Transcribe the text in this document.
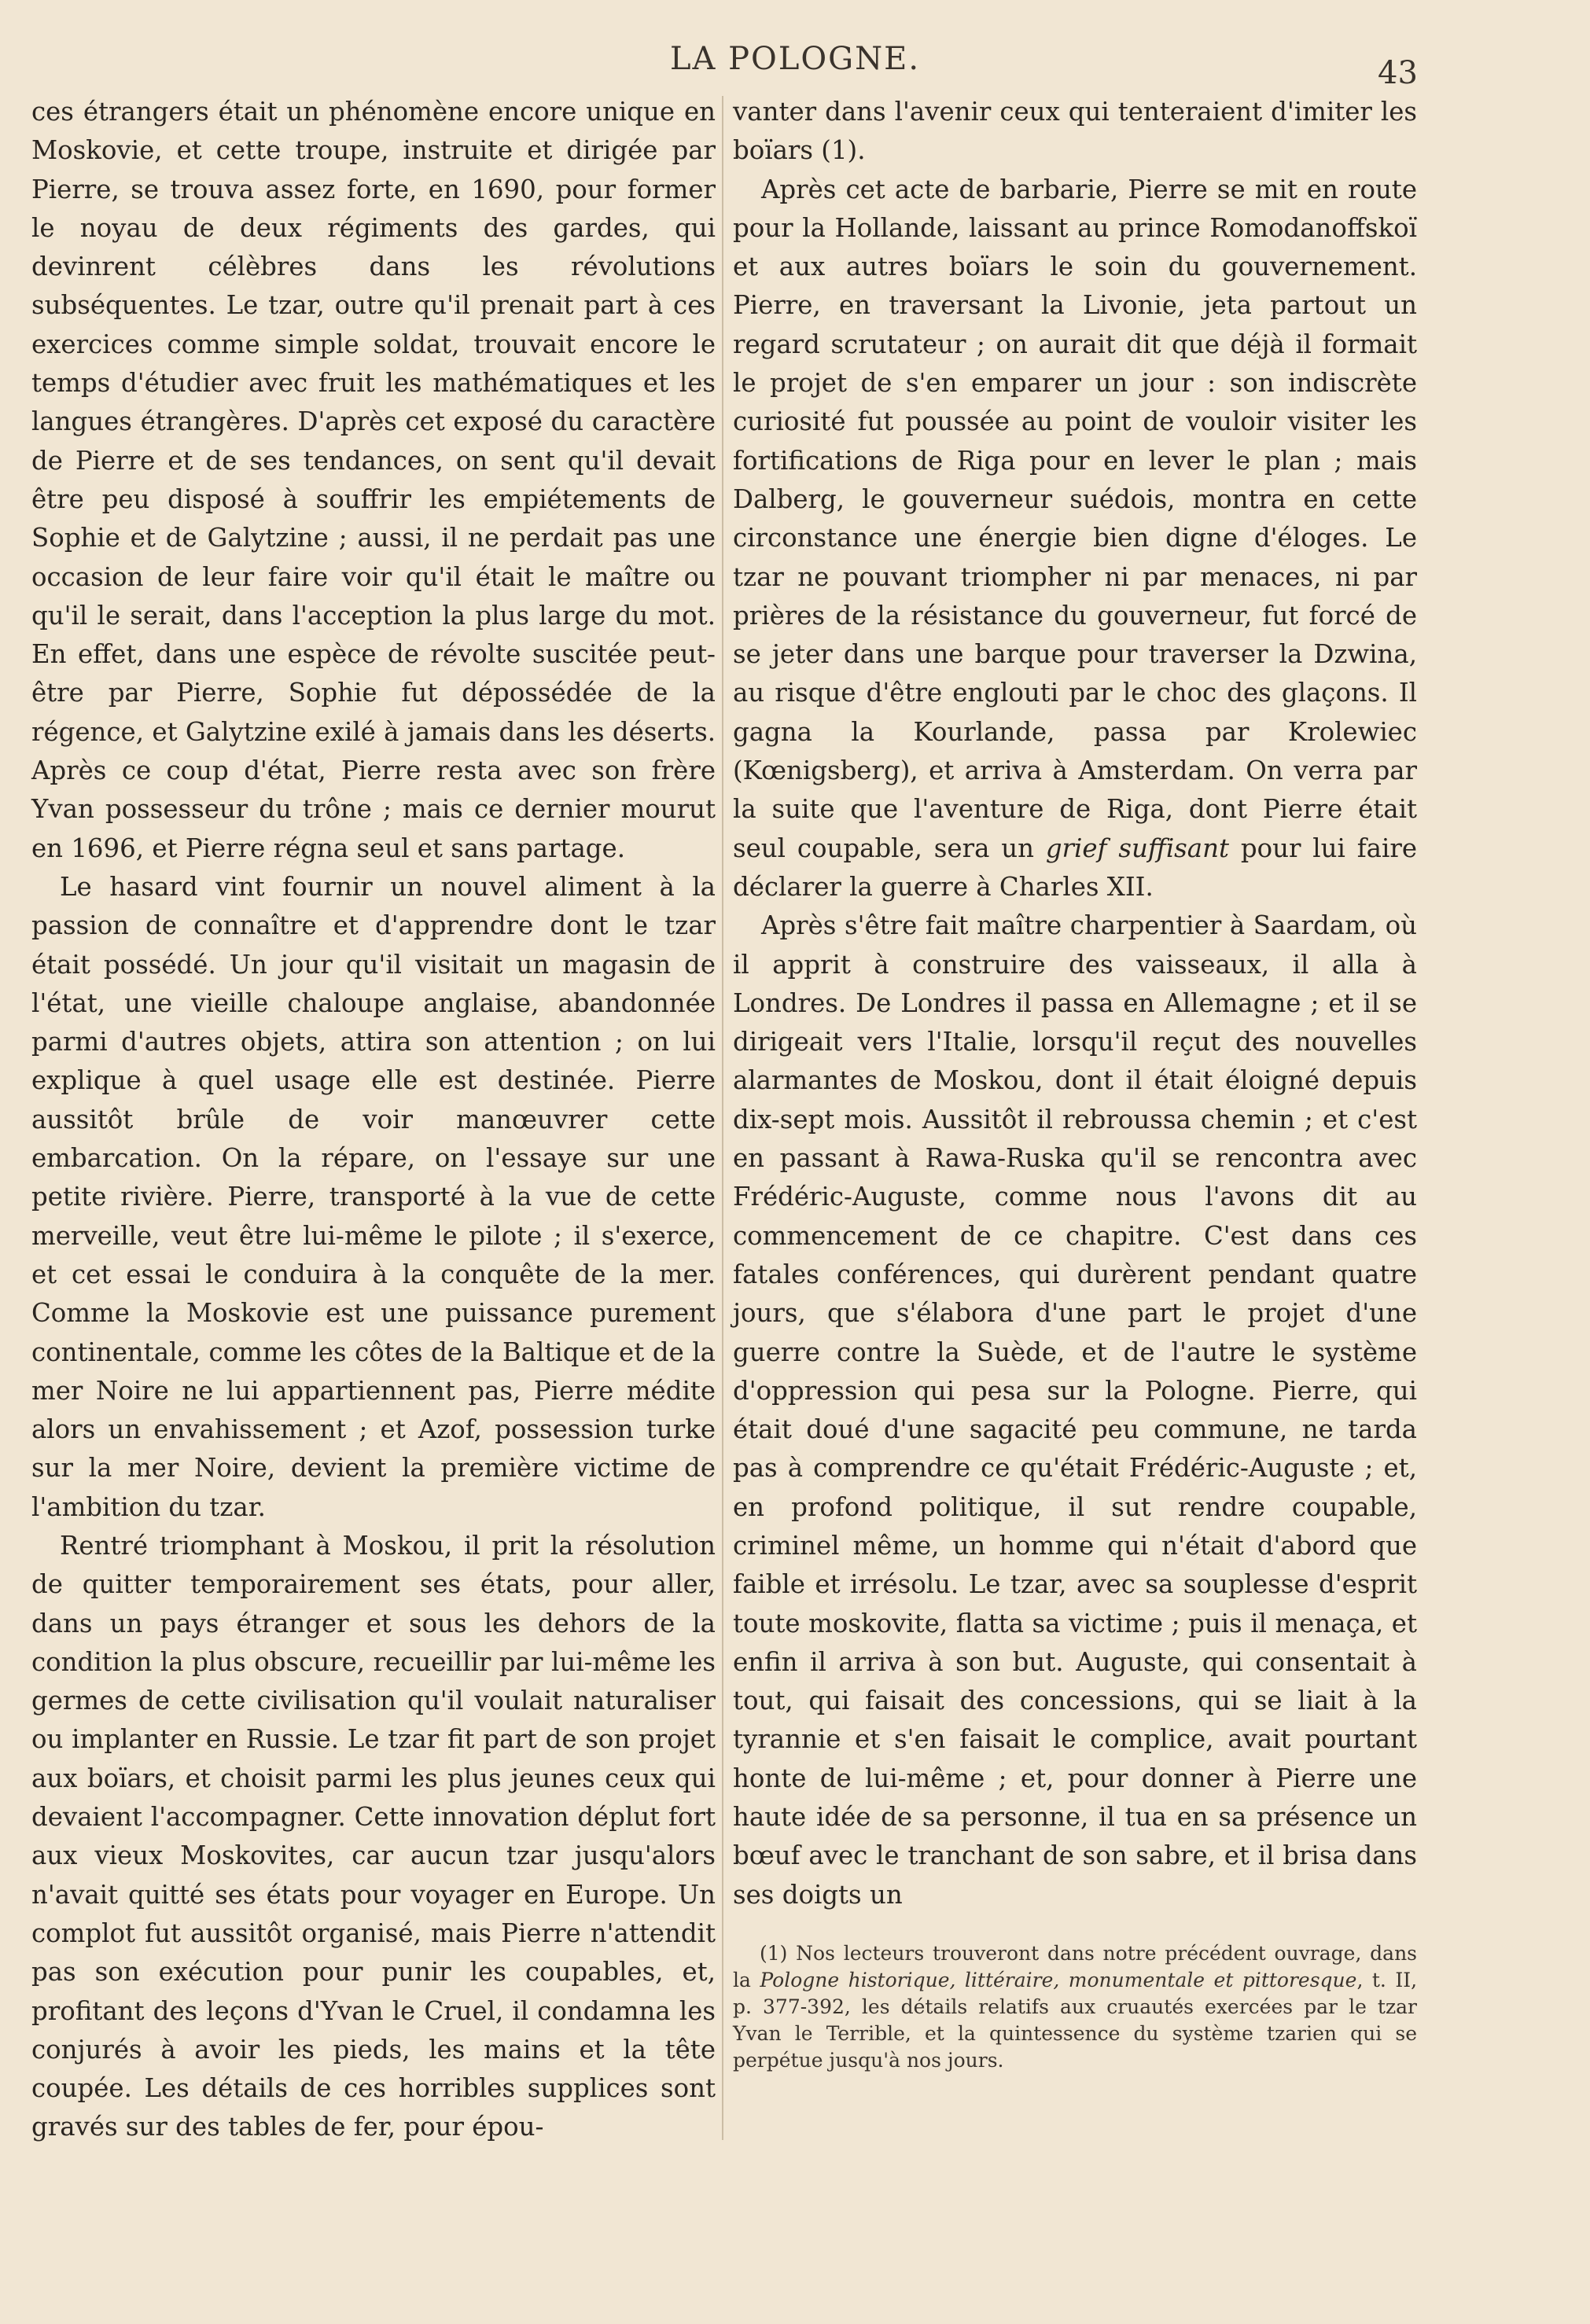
LA POLOGNE.	43

ces étrangers était un phénomène encore unique en Moskovie, et cette troupe, instruite et dirigée par Pierre, se trouva assez forte, en 1690, pour former le noyau de deux régiments des gardes, qui devinrent célèbres dans les révolutions subséquentes. Le tzar, outre qu'il prenait part à ces exercices comme simple soldat, trouvait encore le temps d'étudier avec fruit les mathématiques et les langues étrangères. D'après cet exposé du caractère de Pierre et de ses tendances, on sent qu'il devait être peu disposé à souffrir les empiétements de Sophie et de Galytzine ; aussi, il ne perdait pas une occasion de leur faire voir qu'il était le maître ou qu'il le serait, dans l'acception la plus large du mot. En effet, dans une espèce de révolte suscitée peut-être par Pierre, Sophie fut dépossédée de la régence, et Galytzine exilé à jamais dans les déserts. Après ce coup d'état, Pierre resta avec son frère Yvan possesseur du trône ; mais ce dernier mourut en 1696, et Pierre régna seul et sans partage.

Le hasard vint fournir un nouvel aliment à la passion de connaître et d'apprendre dont le tzar était possédé. Un jour qu'il visitait un magasin de l'état, une vieille chaloupe anglaise, abandonnée parmi d'autres objets, attira son attention ; on lui explique à quel usage elle est destinée. Pierre aussitôt brûle de voir manœuvrer cette embarcation. On la répare, on l'essaye sur une petite rivière. Pierre, transporté à la vue de cette merveille, veut être lui-même le pilote ; il s'exerce, et cet essai le conduira à la conquête de la mer. Comme la Moskovie est une puissance purement continentale, comme les côtes de la Baltique et de la mer Noire ne lui appartiennent pas, Pierre médite alors un envahissement ; et Azof, possession turke sur la mer Noire, devient la première victime de l'ambition du tzar.

Rentré triomphant à Moskou, il prit la résolution de quitter temporairement ses états, pour aller, dans un pays étranger et sous les dehors de la condition la plus obscure, recueillir par lui-même les germes de cette civilisation qu'il voulait naturaliser ou implanter en Russie. Le tzar fit part de son projet aux boïars, et choisit parmi les plus jeunes ceux qui devaient l'accompagner. Cette innovation déplut fort aux vieux Moskovites, car aucun tzar jusqu'alors n'avait quitté ses états pour voyager en Europe. Un complot fut aussitôt organisé, mais Pierre n'attendit pas son exécution pour punir les coupables, et, profitant des leçons d'Yvan le Cruel, il condamna les conjurés à avoir les pieds, les mains et la tête coupée. Les détails de ces horribles supplices sont gravés sur des tables de fer, pour épou-

vanter dans l'avenir ceux qui tenteraient d'imiter les boïars (1).

Après cet acte de barbarie, Pierre se mit en route pour la Hollande, laissant au prince Romodanoffskoï et aux autres boïars le soin du gouvernement. Pierre, en traversant la Livonie, jeta partout un regard scrutateur ; on aurait dit que déjà il formait le projet de s'en emparer un jour : son indiscrète curiosité fut poussée au point de vouloir visiter les fortifications de Riga pour en lever le plan ; mais Dalberg, le gouverneur suédois, montra en cette circonstance une énergie bien digne d'éloges. Le tzar ne pouvant triompher ni par menaces, ni par prières de la résistance du gouverneur, fut forcé de se jeter dans une barque pour traverser la Dzwina, au risque d'être englouti par le choc des glaçons. Il gagna la Kourlande, passa par Krolewiec (Kœnigsberg), et arriva à Amsterdam. On verra par la suite que l'aventure de Riga, dont Pierre était seul coupable, sera un grief suffisant pour lui faire déclarer la guerre à Charles XII.

Après s'être fait maître charpentier à Saardam, où il apprit à construire des vaisseaux, il alla à Londres. De Londres il passa en Allemagne ; et il se dirigeait vers l'Italie, lorsqu'il reçut des nouvelles alarmantes de Moskou, dont il était éloigné depuis dix-sept mois. Aussitôt il rebroussa chemin ; et c'est en passant à Rawa-Ruska qu'il se rencontra avec Frédéric-Auguste, comme nous l'avons dit au commencement de ce chapitre. C'est dans ces fatales conférences, qui durèrent pendant quatre jours, que s'élabora d'une part le projet d'une guerre contre la Suède, et de l'autre le système d'oppression qui pesa sur la Pologne. Pierre, qui était doué d'une sagacité peu commune, ne tarda pas à comprendre ce qu'était Frédéric-Auguste ; et, en profond politique, il sut rendre coupable, criminel même, un homme qui n'était d'abord que faible et irrésolu. Le tzar, avec sa souplesse d'esprit toute moskovite, flatta sa victime ; puis il menaça, et enfin il arriva à son but. Auguste, qui consentait à tout, qui faisait des concessions, qui se liait à la tyrannie et s'en faisait le complice, avait pourtant honte de lui-même ; et, pour donner à Pierre une haute idée de sa personne, il tua en sa présence un bœuf avec le tranchant de son sabre, et il brisa dans ses doigts un

(1) Nos lecteurs trouveront dans notre précédent ouvrage, dans la Pologne historique, littéraire, monumentale et pittoresque, t. II, p. 377-392, les détails relatifs aux cruautés exercées par le tzar Yvan le Terrible, et la quintessence du système tzarien qui se perpétue jusqu'à nos jours.
